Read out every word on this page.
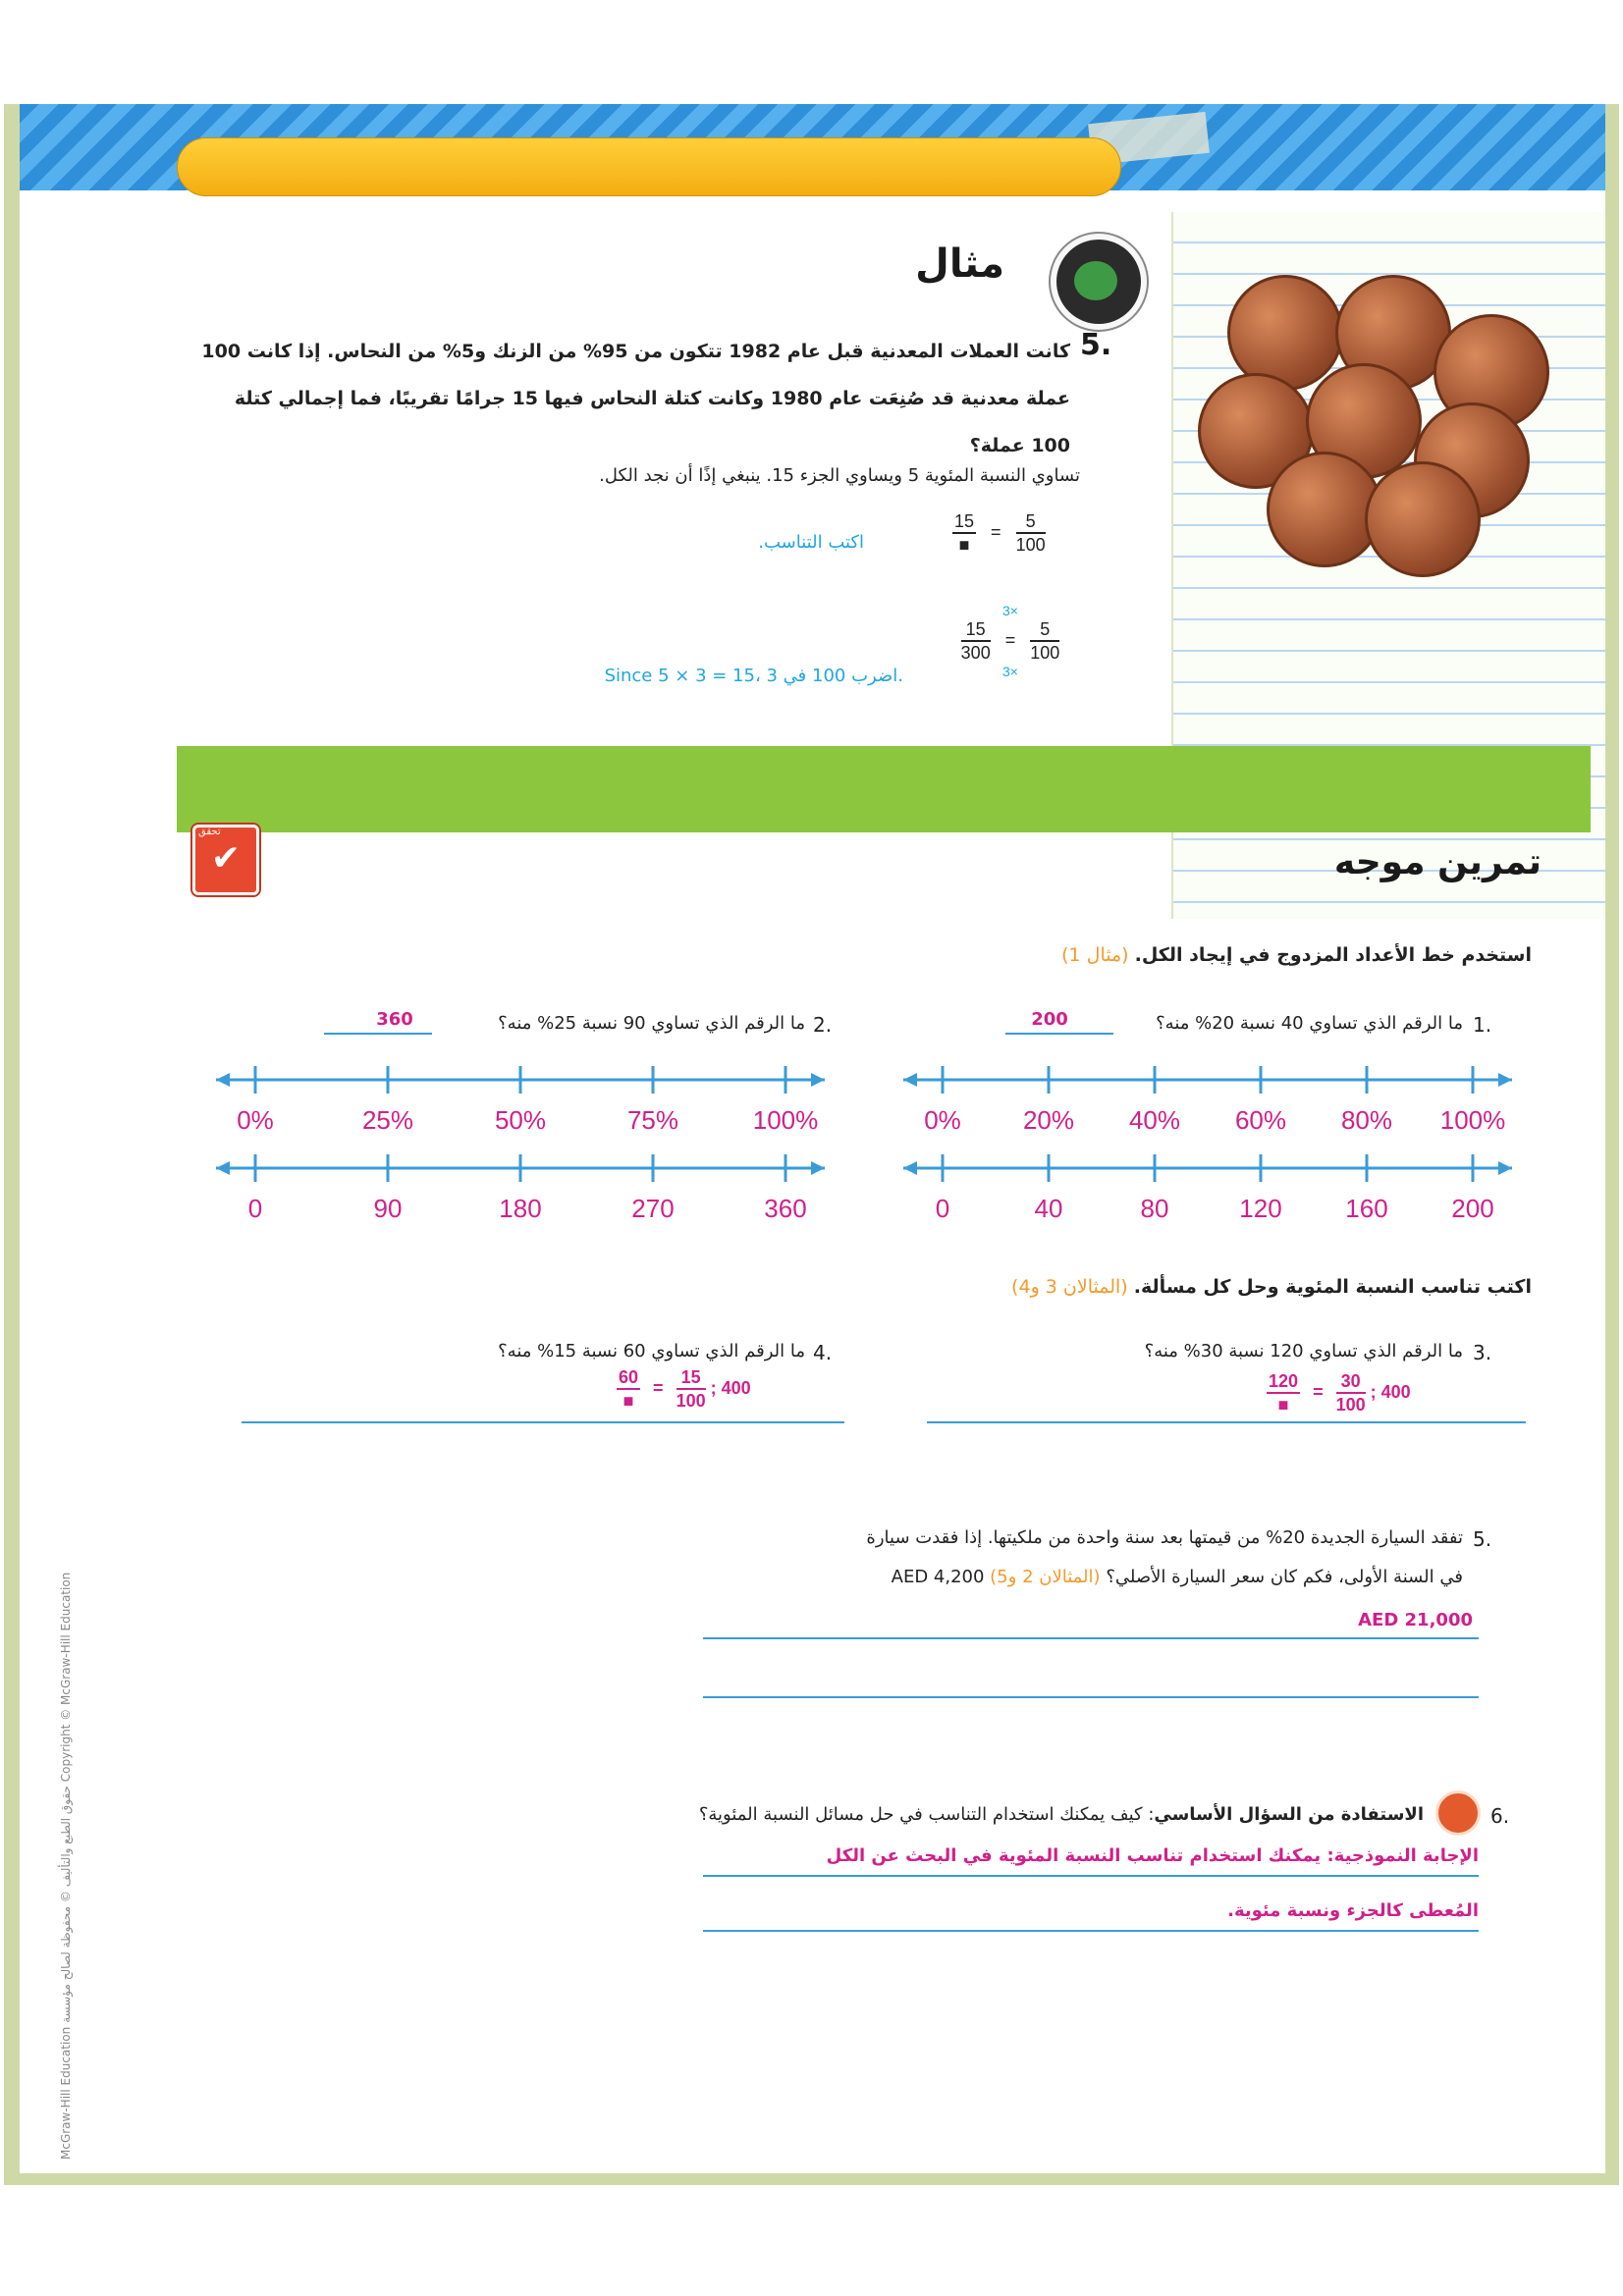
مثال
5.
كانت العملات المعدنية قبل عام 1982 تتكون من 95% من الزنك و5% من النحاس. إذا كانت 100 عملة معدنية قد صُنِعَت عام 1980 وكانت كتلة النحاس فيها 15 جرامًا تقريبًا، فما إجمالي كتلة 100 عملة؟
تساوي النسبة المئوية 5 ويساوي الجزء 15. ينبغي إذًا أن نجد الكل.
اكتب التناسب.	$\frac{15}{■} = \frac{5}{100}$
Since 5 × 3 = 15، اضرب 100 في 3.
3×
$\frac{15}{300} = \frac{5}{100}$
3×
تمرين موجه
✔
تحقق
استخدم خط الأعداد المزدوج في إيجاد الكل. (مثال 1)
1.
ما الرقم الذي تساوي 40 نسبة 20% منه؟
200
0% 20% 40% 60% 80% 100%
0	40	80	120 160 200
2.
ما الرقم الذي تساوي 90 نسبة 25% منه؟
360
0%	25%	50%	75%	100%
0	90	180	270	360
اكتب تناسب النسبة المئوية وحل كل مسألة. (المثالان 3 و4)
3.
ما الرقم الذي تساوي 120 نسبة 30% منه؟
$\frac{120}{■} = \frac{30}{100}$ ; 400
4.
ما الرقم الذي تساوي 60 نسبة 15% منه؟
$\frac{60}{■} = \frac{15}{100}$ ; 400
5.
تفقد السيارة الجديدة 20% من قيمتها بعد سنة واحدة من ملكيتها. إذا فقدت سيارة
AED 4,200 في السنة الأولى، فكم كان سعر السيارة الأصلي؟ (المثالان 2 و5)
AED 21,000
6.
الاستفادة من السؤال الأساسي: كيف يمكنك استخدام التناسب في حل مسائل النسبة المئوية؟
الإجابة النموذجية: يمكنك استخدام تناسب النسبة المئوية في البحث عن الكل
المُعطى كالجزء ونسبة مئوية.
McGraw-Hill Education حقوق الطبع والتأليف © محفوظة لصالح مؤسسة Copyright © McGraw-Hill Education
